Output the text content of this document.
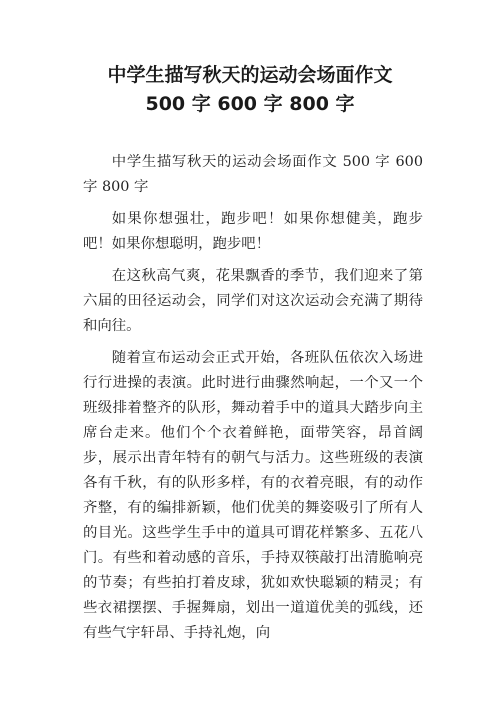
中学生描写秋天的运动会场面作文
500 字 600 字 800 字

中学生描写秋天的运动会场面作文 500 字 600 字 800 字

如果你想强壮，跑步吧！如果你想健美，跑步吧！如果你想聪明，跑步吧！

在这秋高气爽，花果飘香的季节，我们迎来了第六届的田径运动会，同学们对这次运动会充满了期待和向往。

随着宣布运动会正式开始，各班队伍依次入场进行行进操的表演。此时进行曲骤然响起，一个又一个班级排着整齐的队形，舞动着手中的道具大踏步向主席台走来。他们个个衣着鲜艳，面带笑容，昂首阔步，展示出青年特有的朝气与活力。这些班级的表演各有千秋，有的队形多样，有的衣着亮眼，有的动作齐整，有的编排新颖，他们优美的舞姿吸引了所有人的目光。这些学生手中的道具可谓花样繁多、五花八门。有些和着动感的音乐，手持双筷敲打出清脆响亮的节奏；有些拍打着皮球，犹如欢快聪颖的精灵；有些衣裙摆摆、手握舞扇，划出一道道优美的弧线，还有些气宇轩昂、手持礼炮，向
